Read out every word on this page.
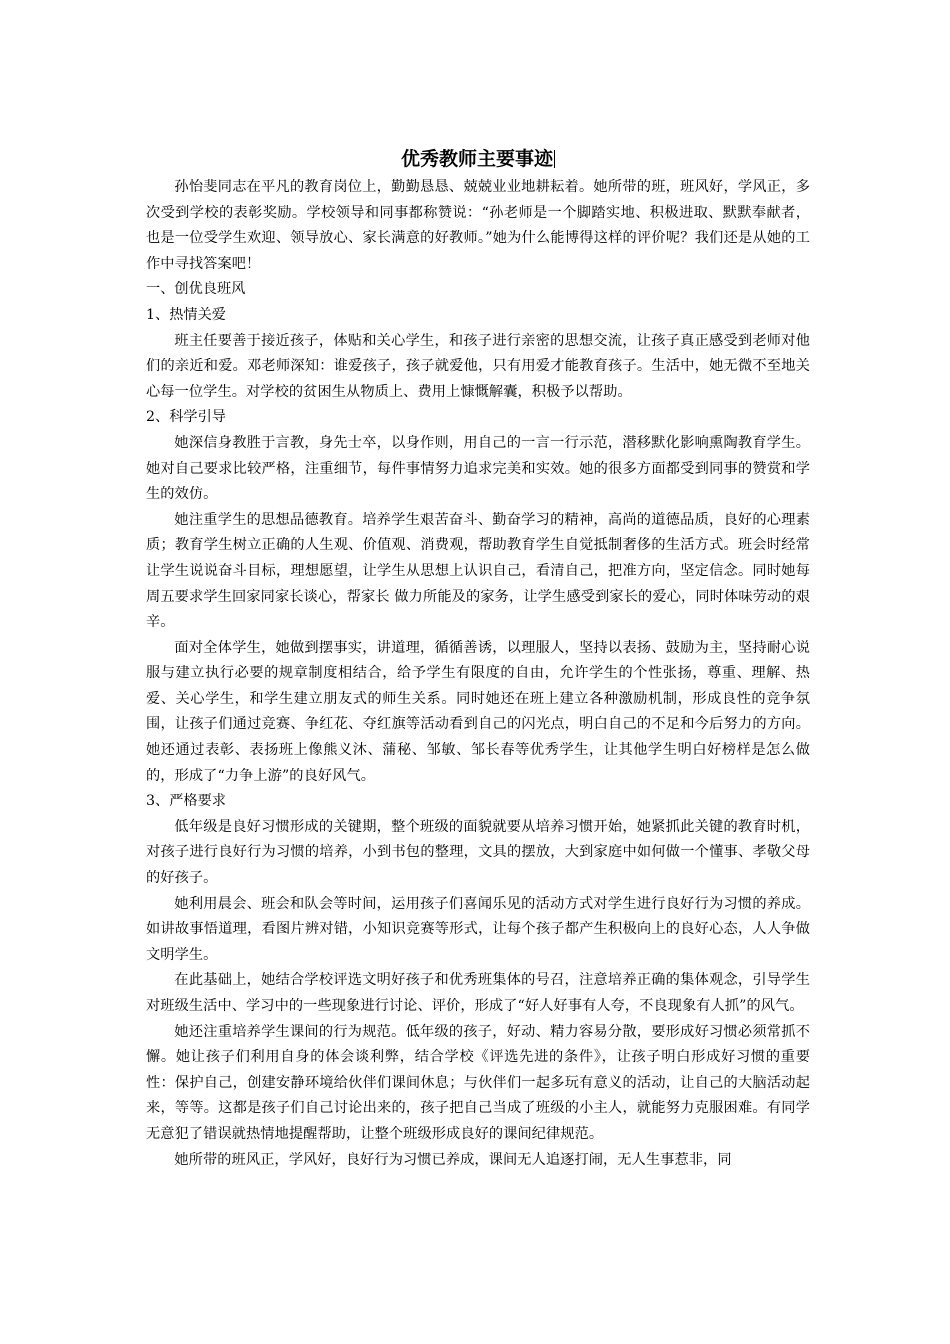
优秀教师主要事迹

孙怡斐同志在平凡的教育岗位上，勤勤恳恳、兢兢业业地耕耘着。她所带的班，班风好，学风正，多次受到学校的表彰奖励。学校领导和同事都称赞说：“孙老师是一个脚踏实地、积极进取、默默奉献者，也是一位受学生欢迎、领导放心、家长满意的好教师。”她为什么能博得这样的评价呢？我们还是从她的工作中寻找答案吧！

一、创优良班风

1、热情关爱

班主任要善于接近孩子，体贴和关心学生，和孩子进行亲密的思想交流，让孩子真正感受到老师对他们的亲近和爱。邓老师深知：谁爱孩子，孩子就爱他，只有用爱才能教育孩子。生活中，她无微不至地关心每一位学生。对学校的贫困生从物质上、费用上慷慨解囊，积极予以帮助。

2、科学引导

她深信身教胜于言教，身先士卒，以身作则，用自己的一言一行示范，潜移默化影响熏陶教育学生。她对自己要求比较严格，注重细节，每件事情努力追求完美和实效。她的很多方面都受到同事的赞赏和学生的效仿。

她注重学生的思想品德教育。培养学生艰苦奋斗、勤奋学习的精神，高尚的道德品质，良好的心理素质；教育学生树立正确的人生观、价值观、消费观，帮助教育学生自觉抵制奢侈的生活方式。班会时经常让学生说说奋斗目标，理想愿望，让学生从思想上认识自己，看清自己，把准方向，坚定信念。同时她每周五要求学生回家同家长谈心，帮家长 做力所能及的家务，让学生感受到家长的爱心，同时体味劳动的艰辛。

面对全体学生，她做到摆事实，讲道理，循循善诱，以理服人，坚持以表扬、鼓励为主，坚持耐心说服与建立执行必要的规章制度相结合，给予学生有限度的自由，允许学生的个性张扬，尊重、理解、热爱、关心学生，和学生建立朋友式的师生关系。同时她还在班上建立各种激励机制，形成良性的竞争氛围，让孩子们通过竞赛、争红花、夺红旗等活动看到自己的闪光点，明白自己的不足和今后努力的方向。她还通过表彰、表扬班上像熊义沐、蒲秘、邹敏、邹长春等优秀学生，让其他学生明白好榜样是怎么做的，形成了“力争上游”的良好风气。

3、严格要求

低年级是良好习惯形成的关键期，整个班级的面貌就要从培养习惯开始，她紧抓此关键的教育时机，对孩子进行良好行为习惯的培养，小到书包的整理，文具的摆放，大到家庭中如何做一个懂事、孝敬父母的好孩子。

她利用晨会、班会和队会等时间，运用孩子们喜闻乐见的活动方式对学生进行良好行为习惯的养成。如讲故事悟道理，看图片辨对错，小知识竞赛等形式，让每个孩子都产生积极向上的良好心态，人人争做文明学生。

在此基础上，她结合学校评选文明好孩子和优秀班集体的号召，注意培养正确的集体观念，引导学生对班级生活中、学习中的一些现象进行讨论、评价，形成了“好人好事有人夸，不良现象有人抓”的风气。

她还注重培养学生课间的行为规范。低年级的孩子，好动、精力容易分散，要形成好习惯必须常抓不懈。她让孩子们利用自身的体会谈利弊，结合学校《评选先进的条件》，让孩子明白形成好习惯的重要性：保护自己，创建安静环境给伙伴们课间休息；与伙伴们一起多玩有意义的活动，让自己的大脑活动起来，等等。这都是孩子们自己讨论出来的，孩子把自己当成了班级的小主人，就能努力克服困难。有同学无意犯了错误就热情地提醒帮助，让整个班级形成良好的课间纪律规范。

她所带的班风正，学风好，良好行为习惯已养成，课间无人追逐打闹，无人生事惹非，同
